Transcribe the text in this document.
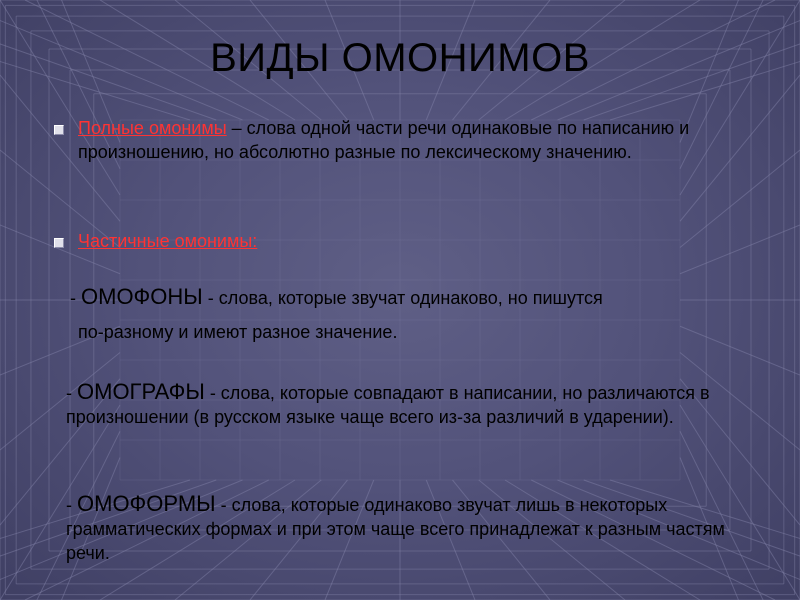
ВИДЫ ОМОНИМОВ
Полные омонимы – слова одной части речи одинаковые по написанию и произношению, но абсолютно разные по лексическому значению.
Частичные омонимы:
- ОМОФОНЫ - слова, которые звучат одинаково, но пишутся
по-разному и имеют разное значение.
- ОМОГРАФЫ - слова, которые совпадают в написании, но различаются в произношении (в русском языке чаще всего из-за различий в ударении).
- ОМОФОРМЫ - слова, которые одинаково звучат лишь в некоторых грамматических формах и при этом чаще всего принадлежат к разным частям речи.
